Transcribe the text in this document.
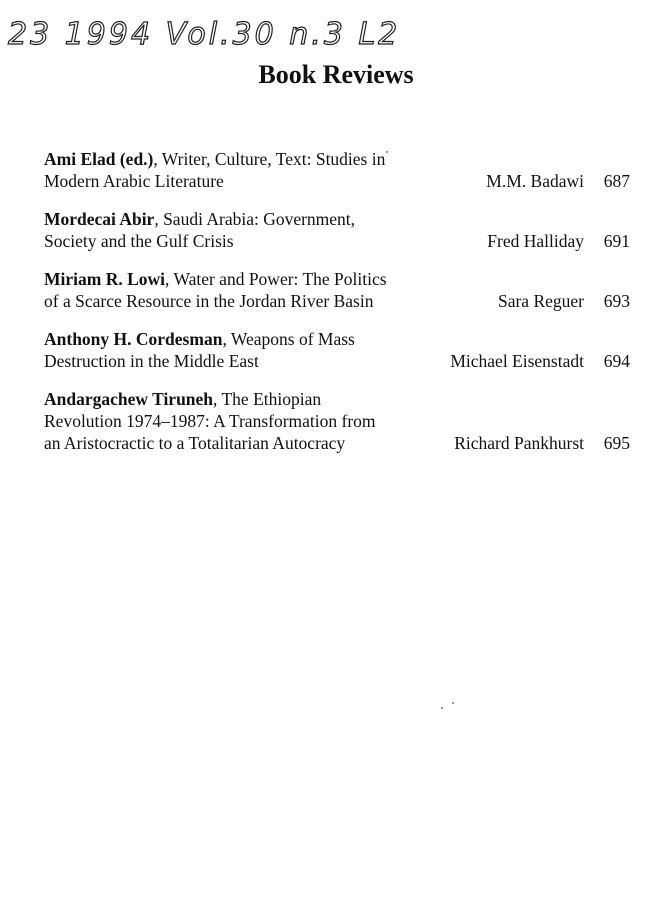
23 1994 Vol.30 n.3 L2
Book Reviews
Ami Elad (ed.), Writer, Culture, Text: Studies in Modern Arabic Literature	M.M. Badawi 687
Mordecai Abir, Saudi Arabia: Government, Society and the Gulf Crisis	Fred Halliday 691
Miriam R. Lowi, Water and Power: The Politics of a Scarce Resource in the Jordan River Basin	Sara Reguer 693
Anthony H. Cordesman, Weapons of Mass Destruction in the Middle East	Michael Eisenstadt 694
Andargachew Tiruneh, The Ethiopian Revolution 1974–1987: A Transformation from an Aristocractic to a Totalitarian Autocracy	Richard Pankhurst 695
